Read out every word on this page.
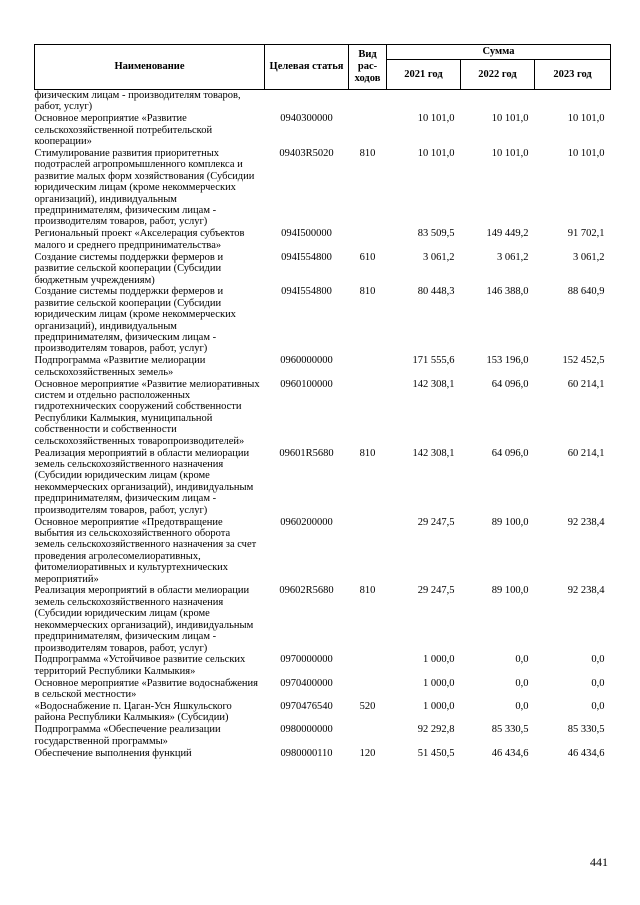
Наименование	Целевая статья	Вид рас-ходов	Сумма		
			2021 год	2022 год	2023 год
физическим лицам - производителям товаров, работ, услуг)					
Основное мероприятие «Развитие сельскохозяйственной потребительской кооперации»	0940300000		10 101,0	10 101,0	10 101,0
Стимулирование развития приоритетных подотраслей агропромышленного комплекса и развитие малых форм хозяйствования (Субсидии юридическим лицам (кроме некоммерческих организаций), индивидуальным предпринимателям, физическим лицам - производителям товаров, работ, услуг)	09403R5020	810	10 101,0	10 101,0	10 101,0
Региональный проект «Акселерация субъектов малого и среднего предпринимательства»	094I500000		83 509,5	149 449,2	91 702,1
Создание системы поддержки фермеров и развитие сельской кооперации (Субсидии бюджетным учреждениям)	094I554800	610	3 061,2	3 061,2	3 061,2
Создание системы поддержки фермеров и развитие сельской кооперации (Субсидии юридическим лицам (кроме некоммерческих организаций), индивидуальным предпринимателям, физическим лицам - производителям товаров, работ, услуг)	094I554800	810	80 448,3	146 388,0	88 640,9
Подпрограмма «Развитие мелиорации сельскохозяйственных земель»	0960000000		171 555,6	153 196,0	152 452,5
Основное мероприятие «Развитие мелиоративных систем и отдельно расположенных гидротехнических сооружений собственности Республики Калмыкия, муниципальной собственности и собственности сельскохозяйственных товаропроизводителей»	0960100000		142 308,1	64 096,0	60 214,1
Реализация мероприятий в области мелиорации земель сельскохозяйственного назначения (Субсидии юридическим лицам (кроме некоммерческих организаций), индивидуальным предпринимателям, физическим лицам - производителям товаров, работ, услуг)	09601R5680	810	142 308,1	64 096,0	60 214,1
Основное мероприятие «Предотвращение выбытия из сельскохозяйственного оборота земель сельскохозяйственного назначения за счет проведения агролесомелиоративных, фитомелиоративных и культуртехнических мероприятий»	0960200000		29 247,5	89 100,0	92 238,4
Реализация мероприятий в области мелиорации земель сельскохозяйственного назначения (Субсидии юридическим лицам (кроме некоммерческих организаций), индивидуальным предпринимателям, физическим лицам - производителям товаров, работ, услуг)	09602R5680	810	29 247,5	89 100,0	92 238,4
Подпрограмма «Устойчивое развитие сельских территорий Республики Калмыкия»	0970000000		1 000,0	0,0	0,0
Основное мероприятие «Развитие водоснабжения в сельской местности»	0970400000		1 000,0	0,0	0,0
«Водоснабжение п. Цаган-Усн Яшкульского района Республики Калмыкия» (Субсидии)	0970476540	520	1 000,0	0,0	0,0
Подпрограмма «Обеспечение реализации государственной программы»	0980000000		92 292,8	85 330,5	85 330,5
Обеспечение выполнения функций	0980000110	120	51 450,5	46 434,6	46 434,6
441
